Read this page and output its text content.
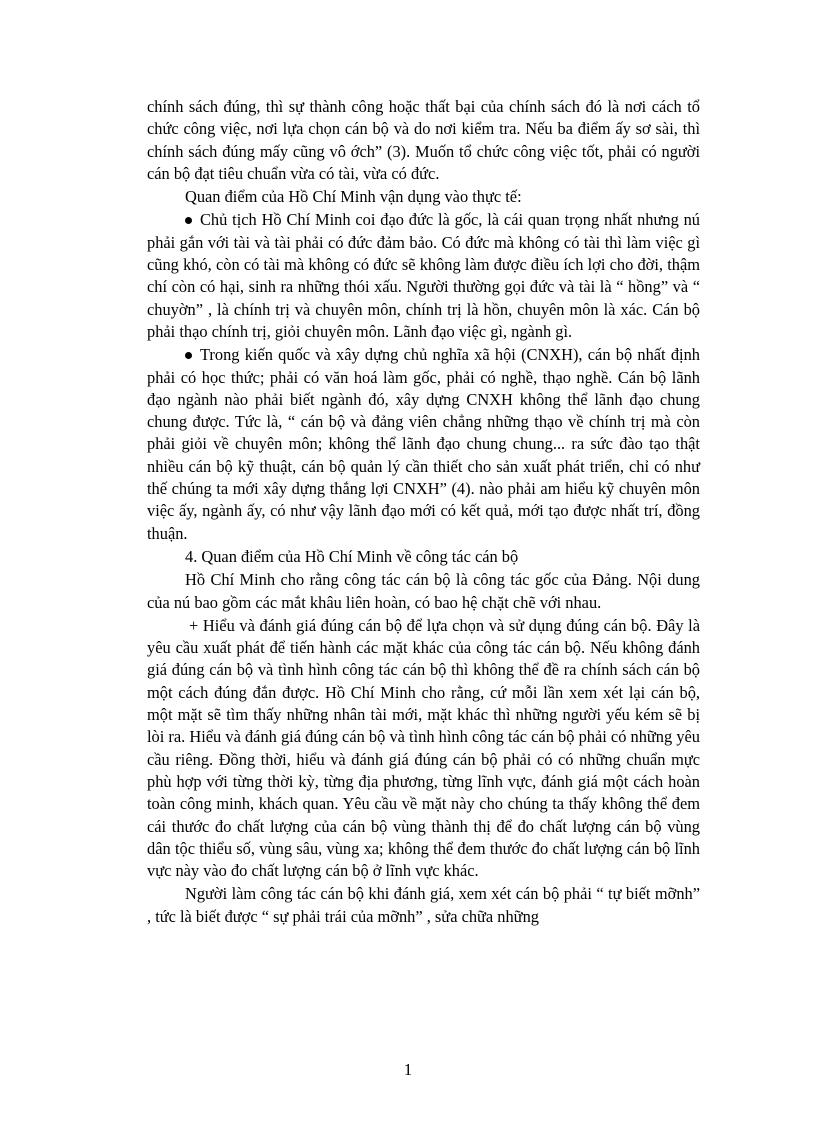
chính sách đúng, thì sự thành công hoặc thất bại của chính sách đó là nơi cách tổ chức công việc, nơi lựa chọn cán bộ và do nơi kiểm tra. Nếu ba điểm ấy sơ sài, thì chính sách đúng mấy cũng vô ớch” (3). Muốn tổ chức công việc tốt, phải có người cán bộ đạt tiêu chuẩn vừa có tài, vừa có đức.

Quan điểm của Hồ Chí Minh vận dụng vào thực tế:

Chủ tịch Hồ Chí Minh coi đạo đức là gốc, là cái quan trọng nhất nhưng nú phải gắn với tài và tài phải có đức đảm bảo. Có đức mà không có tài thì làm việc gì cũng khó, còn có tài mà không có đức sẽ không làm được điều ích lợi cho đời, thậm chí còn có hại, sinh ra những thói xấu. Người thường gọi đức và tài là “ hồng” và “ chuyờn” , là chính trị và chuyên môn, chính trị là hồn, chuyên môn là xác. Cán bộ phải thạo chính trị, giỏi chuyên môn. Lãnh đạo việc gì, ngành gì.

Trong kiến quốc và xây dựng chủ nghĩa xã hội (CNXH), cán bộ nhất định phải có học thức; phải có văn hoá làm gốc, phải có nghề, thạo nghề. Cán bộ lãnh đạo ngành nào phải biết ngành đó, xây dựng CNXH không thể lãnh đạo chung chung được. Tức là, “ cán bộ và đảng viên chẳng những thạo về chính trị mà còn phải giỏi về chuyên môn; không thể lãnh đạo chung chung... ra sức đào tạo thật nhiều cán bộ kỹ thuật, cán bộ quản lý cần thiết cho sản xuất phát triển, chỉ có như thế chúng ta mới xây dựng thắng lợi CNXH” (4). nào phải am hiểu kỹ chuyên môn việc ấy, ngành ấy, có như vậy lãnh đạo mới có kết quả, mới tạo được nhất trí, đồng thuận.

4. Quan điểm của Hồ Chí Minh về công tác cán bộ

Hồ Chí Minh cho rằng công tác cán bộ là công tác gốc của Đảng. Nội dung của nú bao gồm các mắt khâu liên hoàn, có bao hệ chặt chẽ với nhau.

+ Hiểu và đánh giá đúng cán bộ để lựa chọn và sử dụng đúng cán bộ. Đây là yêu cầu xuất phát để tiến hành các mặt khác của công tác cán bộ. Nếu không đánh giá đúng cán bộ và tình hình công tác cán bộ thì không thể đề ra chính sách cán bộ một cách đúng đắn được. Hồ Chí Minh cho rằng, cứ mỗi lần xem xét lại cán bộ, một mặt sẽ tìm thấy những nhân tài mới, mặt khác thì những người yếu kém sẽ bị lòi ra. Hiểu và đánh giá đúng cán bộ và tình hình công tác cán bộ phải có những yêu cầu riêng. Đồng thời, hiểu và đánh giá đúng cán bộ phải có có những chuẩn mực phù hợp với từng thời kỳ, từng địa phương, từng lĩnh vực, đánh giá một cách hoàn toàn công minh, khách quan. Yêu cầu về mặt này cho chúng ta thấy không thể đem cái thước đo chất lượng của cán bộ vùng thành thị để đo chất lượng cán bộ vùng dân tộc thiểu số, vùng sâu, vùng xa; không thể đem thước đo chất lượng cán bộ lĩnh vực này vào đo chất lượng cán bộ ở lĩnh vực khác.

Người làm công tác cán bộ khi đánh giá, xem xét cán bộ phải “ tự biết mỡnh” , tức là biết được “ sự phải trái của mỡnh” , sửa chữa những

1
